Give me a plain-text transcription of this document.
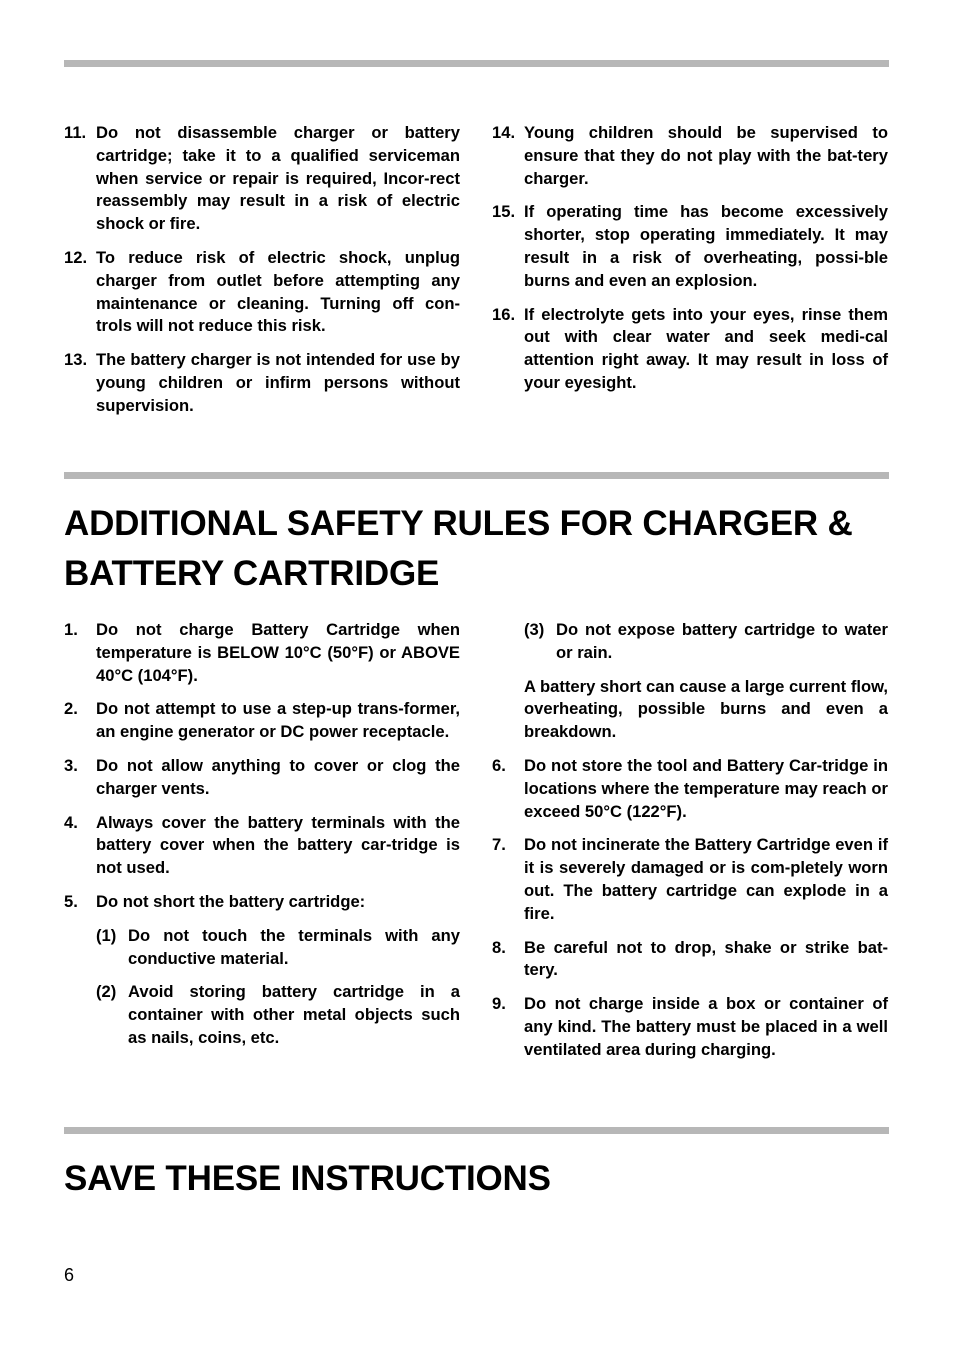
11. Do not disassemble charger or battery cartridge; take it to a qualified serviceman when service or repair is required, Incor-rect reassembly may result in a risk of electric shock or fire.
12. To reduce risk of electric shock, unplug charger from outlet before attempting any maintenance or cleaning. Turning off con-trols will not reduce this risk.
13. The battery charger is not intended for use by young children or infirm persons without supervision.
14. Young children should be supervised to ensure that they do not play with the bat-tery charger.
15. If operating time has become excessively shorter, stop operating immediately. It may result in a risk of overheating, possi-ble burns and even an explosion.
16. If electrolyte gets into your eyes, rinse them out with clear water and seek medi-cal attention right away. It may result in loss of your eyesight.
ADDITIONAL SAFETY RULES FOR CHARGER &
BATTERY CARTRIDGE
1.	Do not charge Battery Cartridge when temperature is BELOW 10°C (50°F) or ABOVE 40°C (104°F).
2.	Do not attempt to use a step-up trans-former, an engine generator or DC power receptacle.
3.	Do not allow anything to cover or clog the charger vents.
4.	Always cover the battery terminals with the battery cover when the battery car-tridge is not used.
5.	Do not short the battery cartridge:
(1) Do not touch the terminals with any conductive material.
(2) Avoid storing battery cartridge in a container with other metal objects such as nails, coins, etc.
(3) Do not expose battery cartridge to water or rain.
A battery short can cause a large current flow, overheating, possible burns and even a breakdown.
6.	Do not store the tool and Battery Car-tridge in locations where the temperature may reach or exceed 50°C (122°F).
7.	Do not incinerate the Battery Cartridge even if it is severely damaged or is com-pletely worn out. The battery cartridge can explode in a fire.
8.	Be careful not to drop, shake or strike bat-tery.
9.	Do not charge inside a box or container of any kind. The battery must be placed in a well ventilated area during charging.
SAVE THESE INSTRUCTIONS
6
